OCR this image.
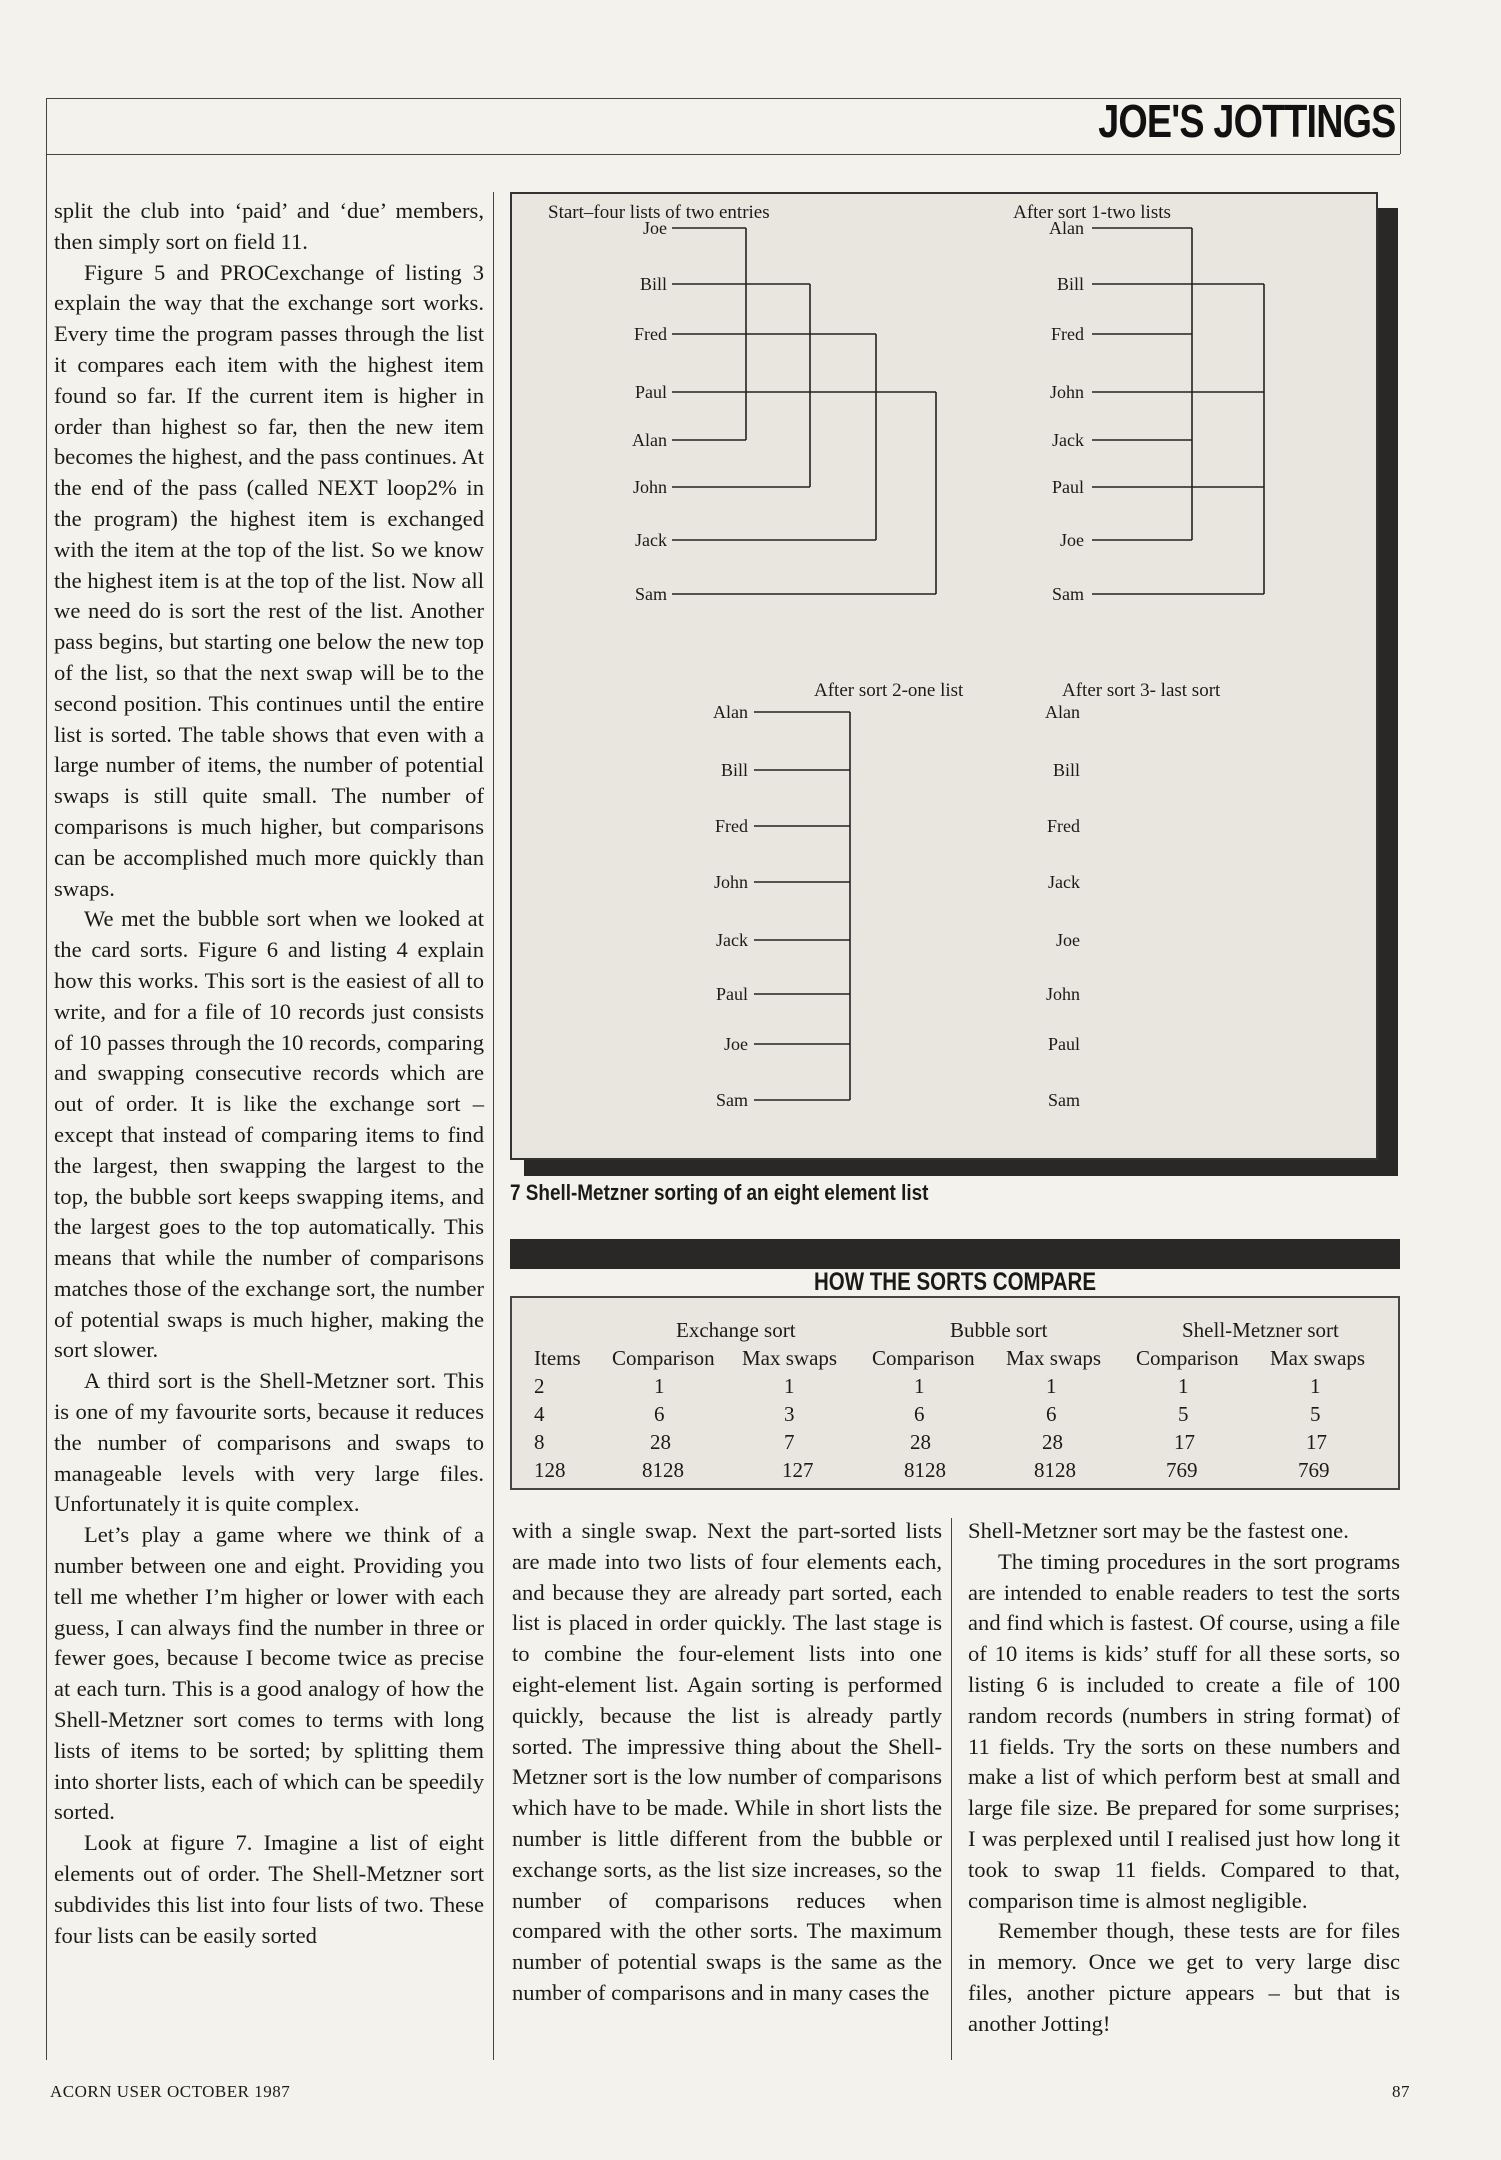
JOE'S JOTTINGS

split the club into ‘paid’ and ‘due’ members, then simply sort on field 11.

Figure 5 and PROCexchange of listing 3 explain the way that the exchange sort works. Every time the program passes through the list it compares each item with the highest item found so far. If the current item is higher in order than highest so far, then the new item becomes the highest, and the pass continues. At the end of the pass (called NEXT loop2% in the program) the highest item is exchanged with the item at the top of the list. So we know the highest item is at the top of the list. Now all we need do is sort the rest of the list. Another pass begins, but starting one below the new top of the list, so that the next swap will be to the second position. This continues until the entire list is sorted. The table shows that even with a large number of items, the number of potential swaps is still quite small. The number of comparisons is much higher, but comparisons can be accomplished much more quickly than swaps.

We met the bubble sort when we looked at the card sorts. Figure 6 and listing 4 explain how this works. This sort is the easiest of all to write, and for a file of 10 records just consists of 10 passes through the 10 records, comparing and swapping consecutive records which are out of order. It is like the exchange sort – except that instead of comparing items to find the largest, then swapping the largest to the top, the bubble sort keeps swapping items, and the largest goes to the top automatically. This means that while the number of comparisons matches those of the exchange sort, the number of potential swaps is much higher, making the sort slower.

A third sort is the Shell-Metzner sort. This is one of my favourite sorts, because it reduces the number of comparisons and swaps to manageable levels with very large files. Unfortunately it is quite complex.

Let’s play a game where we think of a number between one and eight. Providing you tell me whether I’m higher or lower with each guess, I can always find the number in three or fewer goes, because I become twice as precise at each turn. This is a good analogy of how the Shell-Metzner sort comes to terms with long lists of items to be sorted; by splitting them into shorter lists, each of which can be speedily sorted.

Look at figure 7. Imagine a list of eight elements out of order. The Shell-Metzner sort subdivides this list into four lists of two. These four lists can be easily sorted

Start–four lists of two entries
Joe
Bill
Fred
Paul
Alan
John
Jack
Sam
After sort 1-two lists
Alan
Bill
Fred
John
Jack
Paul
Joe
Sam
After sort 2-one list
Alan
Bill
Fred
John
Jack
Paul
Joe
Sam
After sort 3- last sort
Alan
Bill
Fred
Jack
Joe
John
Paul
Sam
7 Shell-Metzner sorting of an eight element list
HOW THE SORTS COMPARE
Exchange sort	Bubble sort	Shell-Metzner sort
Items Comparison Max swaps Comparison Max swaps Comparison Max swaps
2	1	1	1	1	1	1
4	6	3	6	6	5	5
8	28	7	28	28	17	17
128	8128	127	8128	8128	769	769

with a single swap. Next the part-sorted lists are made into two lists of four elements each, and because they are already part sorted, each list is placed in order quickly. The last stage is to combine the four-element lists into one eight-element list. Again sorting is performed quickly, because the list is already partly sorted. The impressive thing about the Shell-Metzner sort is the low number of comparisons which have to be made. While in short lists the number is little different from the bubble or exchange sorts, as the list size increases, so the number of comparisons reduces when compared with the other sorts. The maximum number of potential swaps is the same as the number of comparisons and in many cases the

Shell-Metzner sort may be the fastest one.

The timing procedures in the sort programs are intended to enable readers to test the sorts and find which is fastest. Of course, using a file of 10 items is kids’ stuff for all these sorts, so listing 6 is included to create a file of 100 random records (numbers in string format) of 11 fields. Try the sorts on these numbers and make a list of which perform best at small and large file size. Be prepared for some surprises; I was perplexed until I realised just how long it took to swap 11 fields. Compared to that, comparison time is almost negligible.

Remember though, these tests are for files in memory. Once we get to very large disc files, another picture appears – but that is another Jotting!

ACORN USER OCTOBER 1987	87
